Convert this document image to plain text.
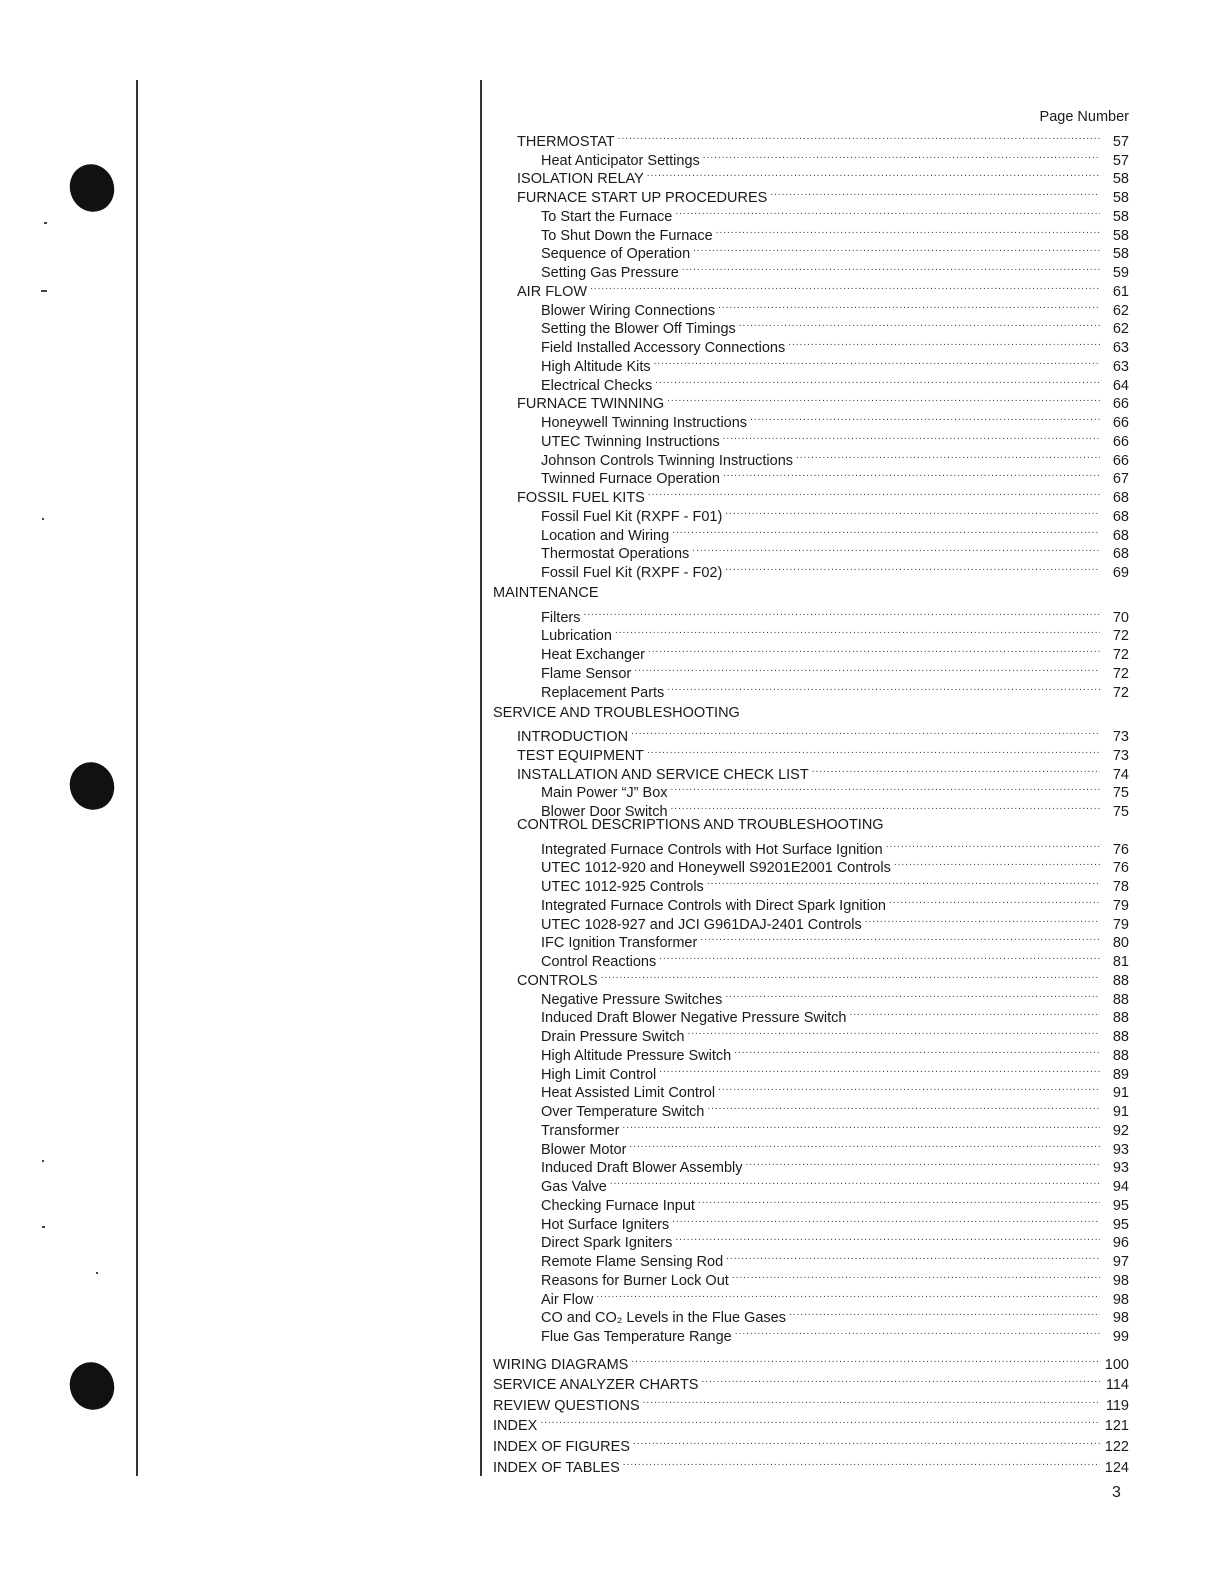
Page Number
THERMOSTAT .....	57
Heat Anticipator Settings .....	57
ISOLATION RELAY .....	58
FURNACE START UP PROCEDURES .....	58
To Start the Furnace .....	58
To Shut Down the Furnace .....	58
Sequence of Operation .....	58
Setting Gas Pressure .....	59
AIR FLOW .....	61
Blower Wiring Connections .....	62
Setting the Blower Off Timings .....	62
Field Installed Accessory Connections .....	63
High Altitude Kits .....	63
Electrical Checks .....	64
FURNACE TWINNING .....	66
Honeywell Twinning Instructions .....	66
UTEC Twinning Instructions .....	66
Johnson Controls Twinning Instructions .....	66
Twinned Furnace Operation .....	67
FOSSIL FUEL KITS .....	68
Fossil Fuel Kit (RXPF - F01) .....	68
Location and Wiring .....	68
Thermostat Operations .....	68
Fossil Fuel Kit (RXPF - F02) .....	69
MAINTENANCE
Filters .....	70
Lubrication .....	72
Heat Exchanger .....	72
Flame Sensor .....	72
Replacement Parts .....	72
SERVICE AND TROUBLESHOOTING
INTRODUCTION .....	73
TEST EQUIPMENT .....	73
INSTALLATION AND SERVICE CHECK LIST .....	74
Main Power “J” Box .....	75
Blower Door Switch .....	75
CONTROL DESCRIPTIONS AND TROUBLESHOOTING
Integrated Furnace Controls with Hot Surface Ignition .....	76
UTEC 1012-920 and Honeywell S9201E2001 Controls .....	76
UTEC 1012-925 Controls .....	78
Integrated Furnace Controls with Direct Spark Ignition .....	79
UTEC 1028-927 and JCI G961DAJ-2401 Controls .....	79
IFC Ignition Transformer .....	80
Control Reactions .....	81
CONTROLS .....	88
Negative Pressure Switches .....	88
Induced Draft Blower Negative Pressure Switch .....	88
Drain Pressure Switch .....	88
High Altitude Pressure Switch .....	88
High Limit Control .....	89
Heat Assisted Limit Control .....	91
Over Temperature Switch .....	91
Transformer .....	92
Blower Motor .....	93
Induced Draft Blower Assembly .....	93
Gas Valve .....	94
Checking Furnace Input .....	95
Hot Surface Igniters .....	95
Direct Spark Igniters .....	96
Remote Flame Sensing Rod .....	97
Reasons for Burner Lock Out .....	98
Air Flow .....	98
CO and CO₂ Levels in the Flue Gases .....	98
Flue Gas Temperature Range .....	99
WIRING DIAGRAMS .....	100
SERVICE ANALYZER CHARTS .....	114
REVIEW QUESTIONS .....	119
INDEX .....	121
INDEX OF FIGURES .....	122
INDEX OF TABLES .....	124
3
